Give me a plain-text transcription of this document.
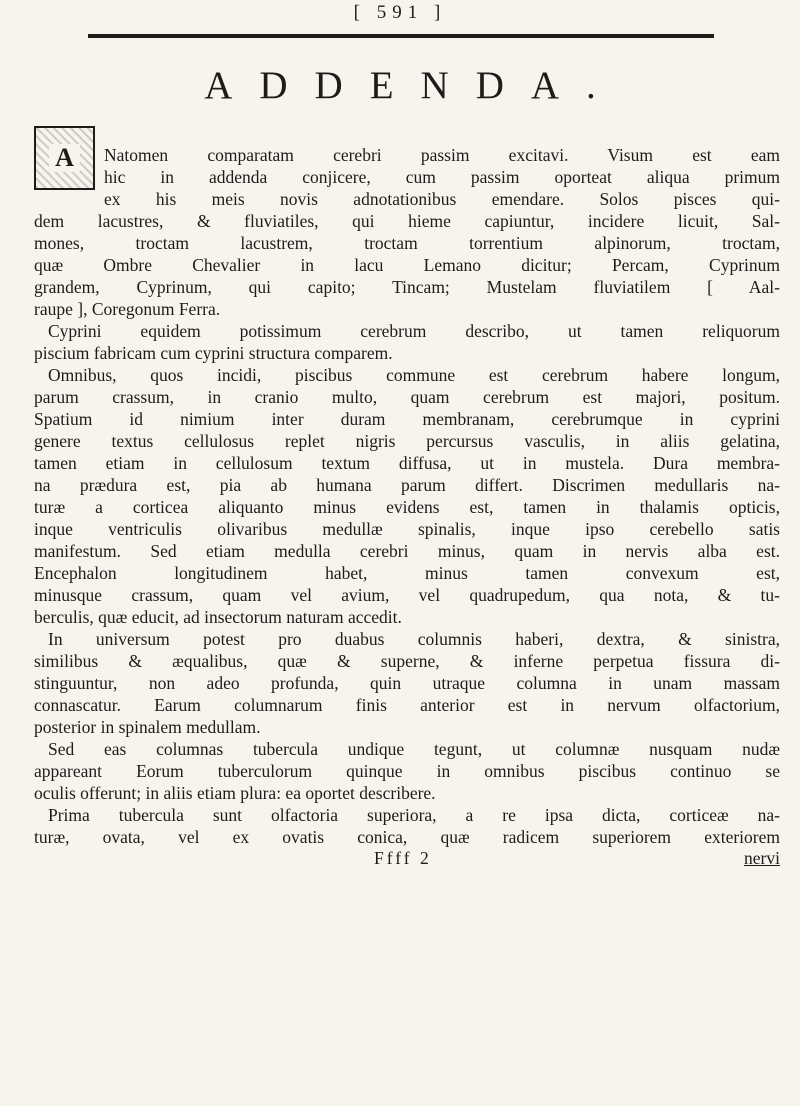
[ 591 ]
ADDENDA.
A	Natomen comparatam cerebri passim excitavi. Visum est eam
hic in addenda conjicere, cum passim oporteat aliqua primum
ex his meis novis adnotationibus emendare. Solos pisces qui-
dem lacustres, & fluviatiles, qui hieme capiuntur, incidere licuit, Sal-
mones, troctam lacustrem, troctam torrentium alpinorum, troctam,
quæ Ombre Chevalier in lacu Lemano dicitur; Percam, Cyprinum
grandem, Cyprinum, qui capito; Tincam; Mustelam fluviatilem [ Aal-
raupe ], Coregonum Ferra.
Cyprini equidem potissimum cerebrum describo, ut tamen reliquorum
piscium fabricam cum cyprini structura comparem.
Omnibus, quos incidi, piscibus commune est cerebrum habere longum,
parum crassum, in cranio multo, quam cerebrum est majori, positum.
Spatium id nimium inter duram membranam, cerebrumque in cyprini
genere textus cellulosus replet nigris percursus vasculis, in aliis gelatina,
tamen etiam in cellulosum textum diffusa, ut in mustela. Dura membra-
na prædura est, pia ab humana parum differt. Discrimen medullaris na-
turæ a corticea aliquanto minus evidens est, tamen in thalamis opticis,
inque ventriculis olivaribus medullæ spinalis, inque ipso cerebello satis
manifestum. Sed etiam medulla cerebri minus, quam in nervis alba est.
Encephalon longitudinem habet, minus tamen convexum est,
minusque crassum, quam vel avium, vel quadrupedum, qua nota, & tu-
berculis, quæ educit, ad insectorum naturam accedit.
In universum potest pro duabus columnis haberi, dextra, & sinistra,
similibus & æqualibus, quæ & superne, & inferne perpetua fissura di-
stinguuntur, non adeo profunda, quin utraque columna in unam massam
connascatur. Earum columnarum finis anterior est in nervum olfactorium,
posterior in spinalem medullam.
Sed eas columnas tubercula undique tegunt, ut columnæ nusquam nudæ
appareant Eorum tuberculorum quinque in omnibus piscibus continuo se
oculis offerunt; in aliis etiam plura: ea oportet describere.
Prima tubercula sunt olfactoria superiora, a re ipsa dicta, corticeæ na-
turæ, ovata, vel ex ovatis conica, quæ radicem superiorem exteriorem
Ffff 2	nervi
